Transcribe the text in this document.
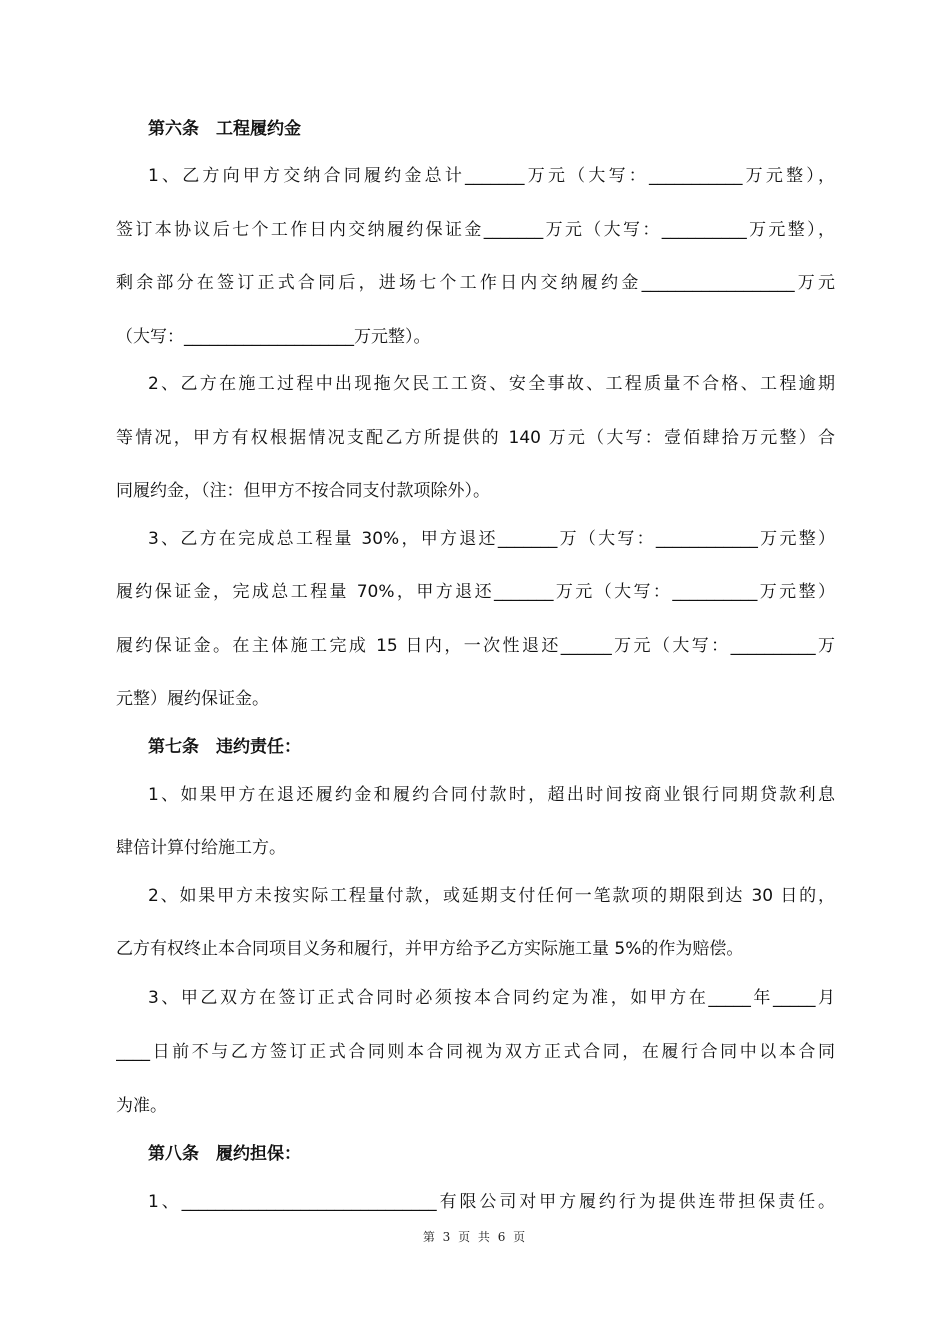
第六条　工程履约金
1、乙方向甲方交纳合同履约金总计_______万元（大写：___________万元整），
签订本协议后七个工作日内交纳履约保证金_______万元（大写：__________万元整），
剩余部分在签订正式合同后，进场七个工作日内交纳履约金__________________万元
（大写：____________________万元整）。
2、乙方在施工过程中出现拖欠民工工资、安全事故、工程质量不合格、工程逾期
等情况，甲方有权根据情况支配乙方所提供的 140 万元（大写：壹佰肆拾万元整）合
同履约金，（注：但甲方不按合同支付款项除外）。
3、乙方在完成总工程量 30%，甲方退还_______万（大写：____________万元整）
履约保证金，完成总工程量 70%，甲方退还_______万元（大写：__________万元整）
履约保证金。在主体施工完成 15 日内，一次性退还______万元（大写：__________万
元整）履约保证金。
第七条　违约责任：
1、如果甲方在退还履约金和履约合同付款时，超出时间按商业银行同期贷款利息
肆倍计算付给施工方。
2、如果甲方未按实际工程量付款，或延期支付任何一笔款项的期限到达 30 日的，
乙方有权终止本合同项目义务和履行，并甲方给予乙方实际施工量 5%的作为赔偿。
3、甲乙双方在签订正式合同时必须按本合同约定为准，如甲方在_____年_____月
____日前不与乙方签订正式合同则本合同视为双方正式合同，在履行合同中以本合同
为准。
第八条　履约担保：
1、______________________________有限公司对甲方履约行为提供连带担保责任。
第 3 页 共 6 页
